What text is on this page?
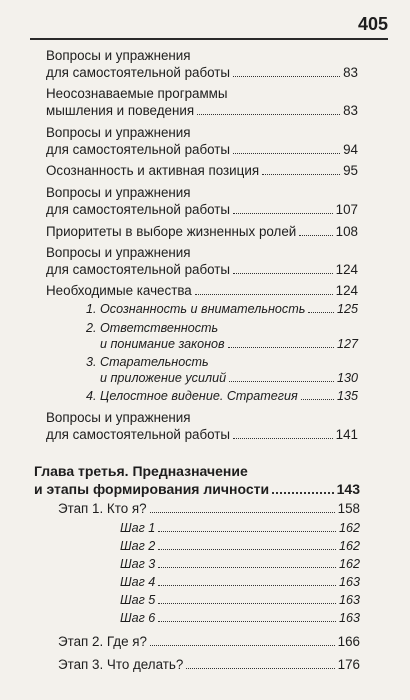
405
Вопросы и упражнения
для самостоятельной работы	83
Неосознаваемые программы
мышления и поведения	83
Вопросы и упражнения
для самостоятельной работы	94
Осознанность и активная позиция	95
Вопросы и упражнения
для самостоятельной работы	107
Приоритеты в выборе жизненных ролей	108
Вопросы и упражнения
для самостоятельной работы	124
Необходимые качества	124
1. Осознанность и внимательность	125
2. Ответственность
и понимание законов	127
3. Старательность
и приложение усилий	130
4. Целостное видение. Стратегия	135
Вопросы и упражнения
для самостоятельной работы	141
Глава третья. Предназначение
и этапы формирования личности	143
Этап 1. Кто я?	158
Шаг 1	162
Шаг 2	162
Шаг 3	162
Шаг 4	163
Шаг 5	163
Шаг 6	163
Этап 2. Где я?	166
Этап 3. Что делать?	176
